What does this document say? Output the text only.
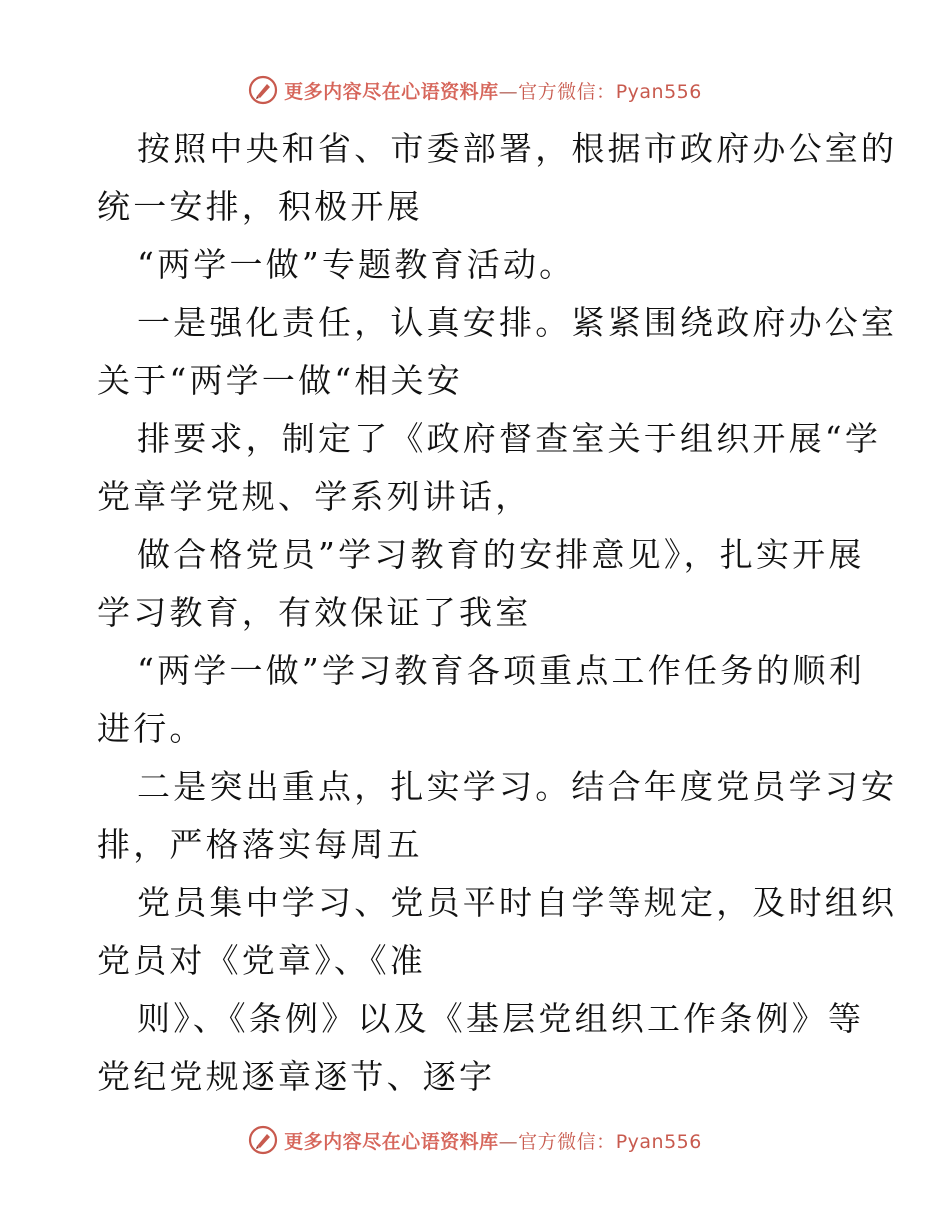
更多内容尽在心语资料库—官方微信：Pyan556

按照中央和省、市委部署，根据市政府办公室的
统一安排，积极开展

“两学一做”专题教育活动。

一是强化责任，认真安排。紧紧围绕政府办公室
关于“两学一做“相关安

排要求，制定了《政府督查室关于组织开展“学
党章学党规、学系列讲话，

做合格党员”学习教育的安排意见》，扎实开展
学习教育，有效保证了我室

“两学一做”学习教育各项重点工作任务的顺利
进行。

二是突出重点，扎实学习。结合年度党员学习安
排，严格落实每周五

党员集中学习、党员平时自学等规定，及时组织
党员对《党章》、《准

则》、《条例》以及《基层党组织工作条例》等
党纪党规逐章逐节、逐字

更多内容尽在心语资料库—官方微信：Pyan556
